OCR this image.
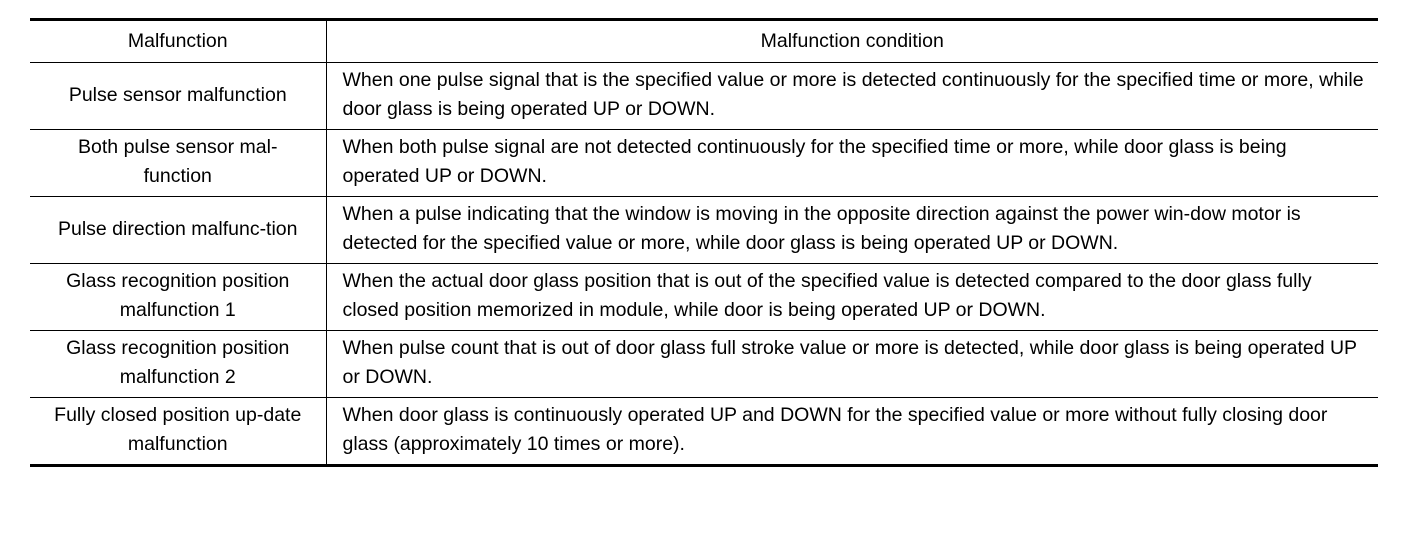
Malfunction	Malfunction condition
Pulse sensor malfunction	When one pulse signal that is the specified value or more is detected continuously for the specified time or more, while door glass is being operated UP or DOWN.
Both pulse sensor mal-function	When both pulse signal are not detected continuously for the specified time or more, while door glass is being operated UP or DOWN.
Pulse direction malfunc-tion	When a pulse indicating that the window is moving in the opposite direction against the power win-dow motor is detected for the specified value or more, while door glass is being operated UP or DOWN.
Glass recognition position malfunction 1	When the actual door glass position that is out of the specified value is detected compared to the door glass fully closed position memorized in module, while door is being operated UP or DOWN.
Glass recognition position malfunction 2	When pulse count that is out of door glass full stroke value or more is detected, while door glass is being operated UP or DOWN.
Fully closed position up-date malfunction	When door glass is continuously operated UP and DOWN for the specified value or more without fully closing door glass (approximately 10 times or more).
